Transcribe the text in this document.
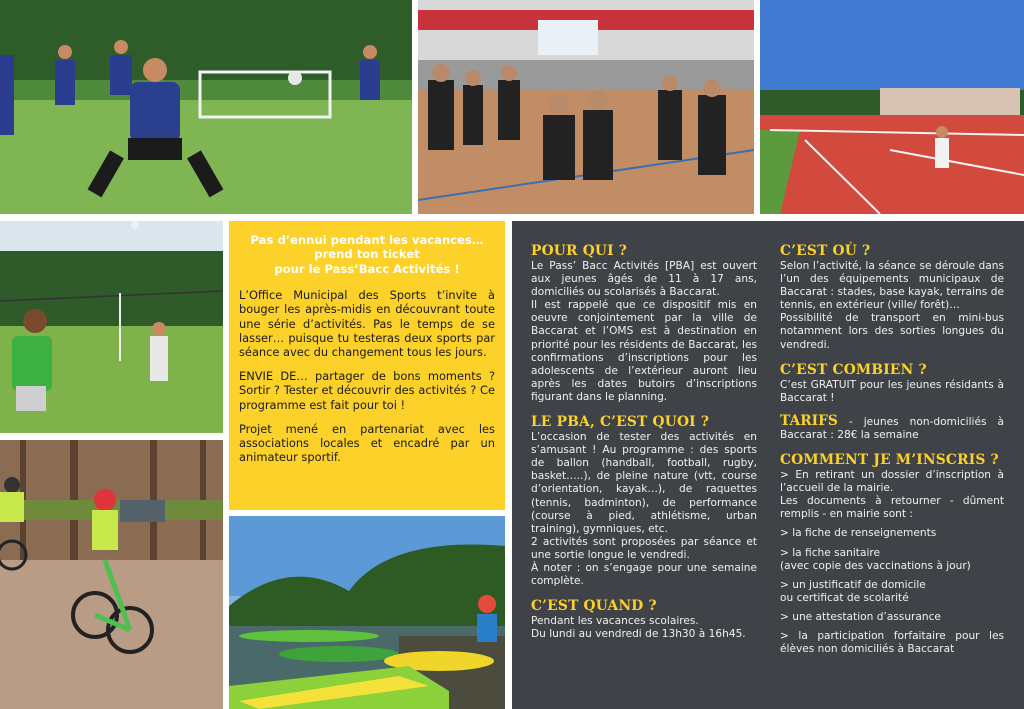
Pas d’ennui pendant les vacances…
prend ton ticket
pour le Pass’Bacc Activités !

L’Office Municipal des Sports t’invite à bouger les après-midis en découvrant toute une série d’activités. Pas le temps de se lasser… puisque tu testeras deux sports par séance avec du changement tous les jours.

ENVIE DE… partager de bons moments ? Sortir ? Tester et découvrir des activités ? Ce programme est fait pour toi !

Projet mené en partenariat avec les associations locales et encadré par un animateur sportif.

POUR QUI ?

Le Pass’ Bacc Activités [PBA] est ouvert aux jeunes âgés de 11 à 17 ans, domiciliés ou scolarisés à Baccarat.

Il est rappelé que ce dispositif mis en oeuvre conjointement par la ville de Baccarat et l’OMS est à destination en priorité pour les résidents de Baccarat, les confirmations d’inscriptions pour les adolescents de l’extérieur auront lieu après les dates butoirs d’inscriptions figurant dans le planning.

LE PBA, C’EST QUOI ?

L’occasion de tester des activités en s’amusant ! Au programme : des sports de ballon (handball, football, rugby, basket…..), de pleine nature (vtt, course d’orientation, kayak…), de raquettes (tennis, badminton), de performance (course à pied, athlétisme, urban training), gymniques, etc.

2 activités sont proposées par séance et une sortie longue le vendredi.

À noter : on s’engage pour une semaine complète.

C’EST QUAND ?

Pendant les vacances scolaires.

Du lundi au vendredi de 13h30 à 16h45.

C’EST OÙ ?

Selon l’activité, la séance se déroule dans l’un des équipements municipaux de Baccarat : stades, base kayak, terrains de tennis, en extérieur (ville/ forêt)…

Possibilité de transport en mini-bus notamment lors des sorties longues du vendredi.

C’EST COMBIEN ?

C’est GRATUIT pour les jeunes résidants à Baccarat !

TARIFS - jeunes non-domiciliés à Baccarat : 28€ la semaine

COMMENT JE M’INSCRIS ?

> En retirant un dossier d’inscription à l’accueil de la mairie.

Les documents à retourner - dûment remplis - en mairie sont :

> la fiche de renseignements

> la fiche sanitaire
(avec copie des vaccinations à jour)

> un justificatif de domicile
ou certificat de scolarité

> une attestation d’assurance

> la participation forfaitaire pour les élèves non domiciliés à Baccarat
